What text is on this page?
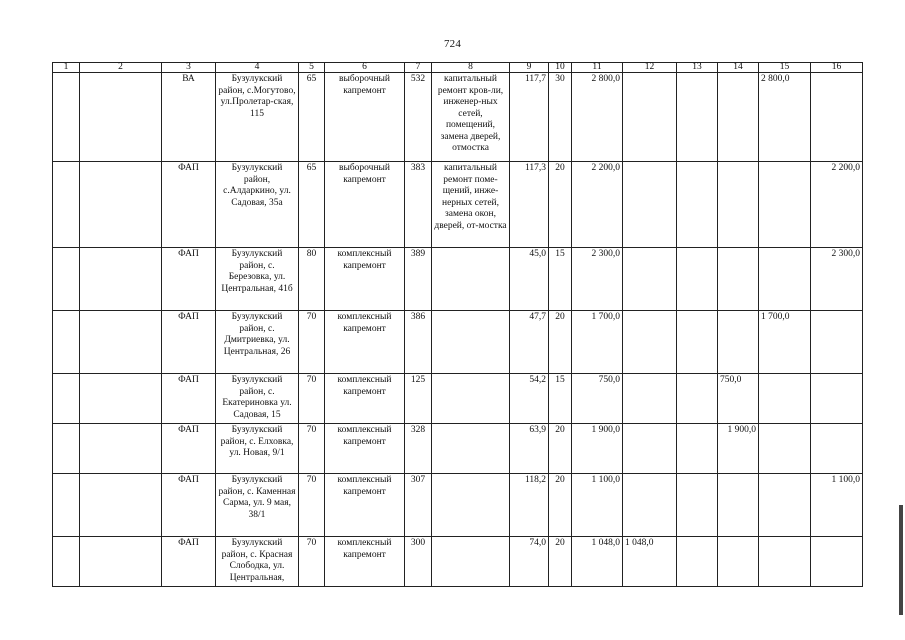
724
1	2	3	4	5	6	7	8	9	10	11	12	13	14	15	16
		ВА	Бузулукский район, с.Могутово, ул.Пролетар-ская, 115	65	выборочный капремонт	532	капитальный ремонт кров-ли, инженер-ных сетей, помещений, замена дверей, отмостка	117,7	30	2 800,0				2 800,0	
		ФАП	Бузулукский район, с.Алдаркино, ул. Садовая, 35а	65	выборочный капремонт	383	капитальный ремонт поме-щений, инже-нерных сетей, замена окон, дверей, от-мостка	117,3	20	2 200,0					2 200,0
		ФАП	Бузулукский район, с. Березовка, ул. Центральная, 41б	80	комплексный капремонт	389		45,0	15	2 300,0					2 300,0
		ФАП	Бузулукский район, с. Дмитриевка, ул. Центральная, 26	70	комплексный капремонт	386		47,7	20	1 700,0				1 700,0	
		ФАП	Бузулукский район, с. Екатериновка ул. Садовая, 15	70	комплексный капремонт	125		54,2	15	750,0			750,0		
		ФАП	Бузулукский район, с. Елховка, ул. Новая, 9/1	70	комплексный капремонт	328		63,9	20	1 900,0			1 900,0		
		ФАП	Бузулукский район, с. Каменная Сарма, ул. 9 мая, 38/1	70	комплексный капремонт	307		118,2	20	1 100,0					1 100,0
		ФАП	Бузулукский район, с. Красная Слободка, ул. Центральная,	70	комплексный капремонт	300		74,0	20	1 048,0	1 048,0				
